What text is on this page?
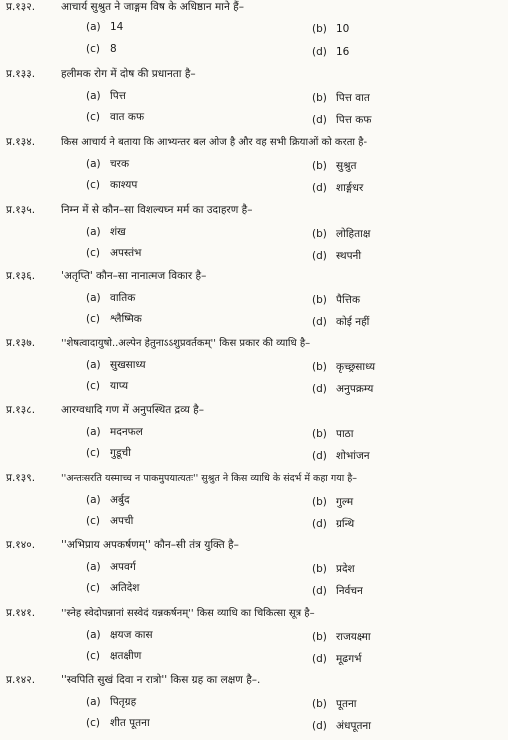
प्र.१३२. आचार्य सुश्रुत ने जाङ्गम विष के अधिष्ठान माने हैं–
(a) 14	(b) 10
(c) 8	(d) 16
प्र.१३३. हलीमक रोग में दोष की प्रधानता है–
(a) पित्त	(b) पित्त वात
(c) वात कफ	(d) पित्त कफ
प्र.१३४.	किस आचार्य ने बताया कि आभ्यन्तर बल ओज है और वह सभी क्रियाओं को करता है-
(a) चरक	(b) सुश्रुत
(c) काश्यप	(d) शार्ङ्गधर
प्र.१३५. निम्न में से कौन–सा विशल्यघ्न मर्म का उदाहरण है–
(a) शंख	(b) लोहिताक्ष
(c) अपस्तंभ	(d) स्थपनी
प्र.१३६. 'अतृप्ति' कौन–सा नानात्मज विकार है–
(a) वातिक	(b) पैत्तिक
(c) श्लैष्मिक	(d) कोई नहीं
प्र.१३७.	''शेषत्वादायुषो..अल्पेन हेतुनाऽऽशुप्रवर्तकम्'' किस प्रकार की व्याधि है–
(a) सुखसाध्य	(b) कृच्छ्रसाध्य
(c) याप्य	(d) अनुपक्रम्य
प्र.१३८. आरग्वधादि गण में अनुपस्थित द्रव्य है–
(a) मदनफल	(b) पाठा
(c) गुडूची	(d) शोभांजन
प्र.१३९.	''अन्तःसरति यस्माच्च न पाकमुपयात्यतः'' सुश्रुत ने किस व्याधि के संदर्भ में कहा गया है–
(a) अर्बुद	(b) गुल्म
(c) अपची	(d) ग्रन्थि
प्र.१४०. ''अभिप्राय अपकर्षणम्'' कौन–सी तंत्र युक्ति है–
(a) अपवर्ग	(b) प्रदेश
(c) अतिदेश	(d) निर्वचन
प्र.१४१.	''स्नेह स्वेदोपन्नानां सस्वेदं यन्नकर्षनम्'' किस व्याधि का चिकित्सा सूत्र है–
(a) क्षयज कास	(b) राजयक्ष्मा
(c) क्षतक्षीण	(d) मूढगर्भ
प्र.१४२. ''स्वपिति सुखं दिवा न रात्रो'' किस ग्रह का लक्षण है–.
(a) पितृग्रह	(b) पूतना
(c) शीत पूतना	(d) अंधपूतना
